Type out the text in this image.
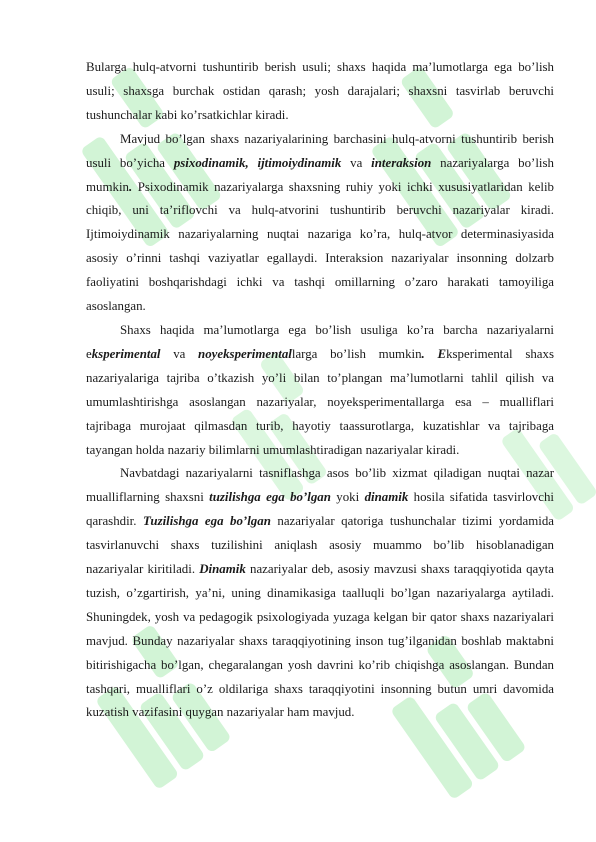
Bularga hulq-atvorni tushuntirib berish usuli; shaxs haqida ma’lumotlarga ega bo’lish usuli; shaxsga burchak ostidan qarash; yosh darajalari; shaxsni tasvirlab beruvchi tushunchalar kabi ko’rsatkichlar kiradi.

Mavjud bo’lgan shaxs nazariyalarining barchasini hulq-atvorni tushuntirib berish usuli bo’yicha psixodinamik, ijtimoiydinamik va interaksion nazariyalarga bo’lish mumkin. Psixodinamik nazariyalarga shaxsning ruhiy yoki ichki xususiyatlaridan kelib chiqib, uni ta’riflovchi va hulq-atvorini tushuntirib beruvchi nazariyalar kiradi. Ijtimoiydinamik nazariyalarning nuqtai nazariga ko’ra, hulq-atvor determinasiyasida asosiy o’rinni tashqi vaziyatlar egallaydi. Interaksion nazariyalar insonning dolzarb faoliyatini boshqarishdagi ichki va tashqi omillarning o’zaro harakati tamoyiliga asoslangan.

Shaxs haqida ma’lumotlarga ega bo’lish usuliga ko’ra barcha nazariyalarni eksperimental va noyeksperimentallarga bo’lish mumkin. Eksperimental shaxs nazariyalariga tajriba o’tkazish yo’li bilan to’plangan ma’lumotlarni tahlil qilish va umumlashtirishga asoslangan nazariyalar, noyeksperimentallarga esa – mualliflari tajribaga murojaat qilmasdan turib, hayotiy taassurotlarga, kuzatishlar va tajribaga tayangan holda nazariy bilimlarni umumlashtiradigan nazariyalar kiradi.

Navbatdagi nazariyalarni tasniflashga asos bo’lib xizmat qiladigan nuqtai nazar mualliflarning shaxsni tuzilishga ega bo’lgan yoki dinamik hosila sifatida tasvirlovchi qarashdir. Tuzilishga ega bo’lgan nazariyalar qatoriga tushunchalar tizimi yordamida tasvirlanuvchi shaxs tuzilishini aniqlash asosiy muammo bo’lib hisoblanadigan nazariyalar kiritiladi. Dinamik nazariyalar deb, asosiy mavzusi shaxs taraqqiyotida qayta tuzish, o’zgartirish, ya’ni, uning dinamikasiga taalluqli bo’lgan nazariyalarga aytiladi. Shuningdek, yosh va pedagogik psixologiyada yuzaga kelgan bir qator shaxs nazariyalari mavjud. Bunday nazariyalar shaxs taraqqiyotining inson tug’ilganidan boshlab maktabni bitirishigacha bo’lgan, chegaralangan yosh davrini ko’rib chiqishga asoslangan. Bundan tashqari, mualliflari o’z oldilariga shaxs taraqqiyotini insonning butun umri davomida kuzatish vazifasini quygan nazariyalar ham mavjud.
